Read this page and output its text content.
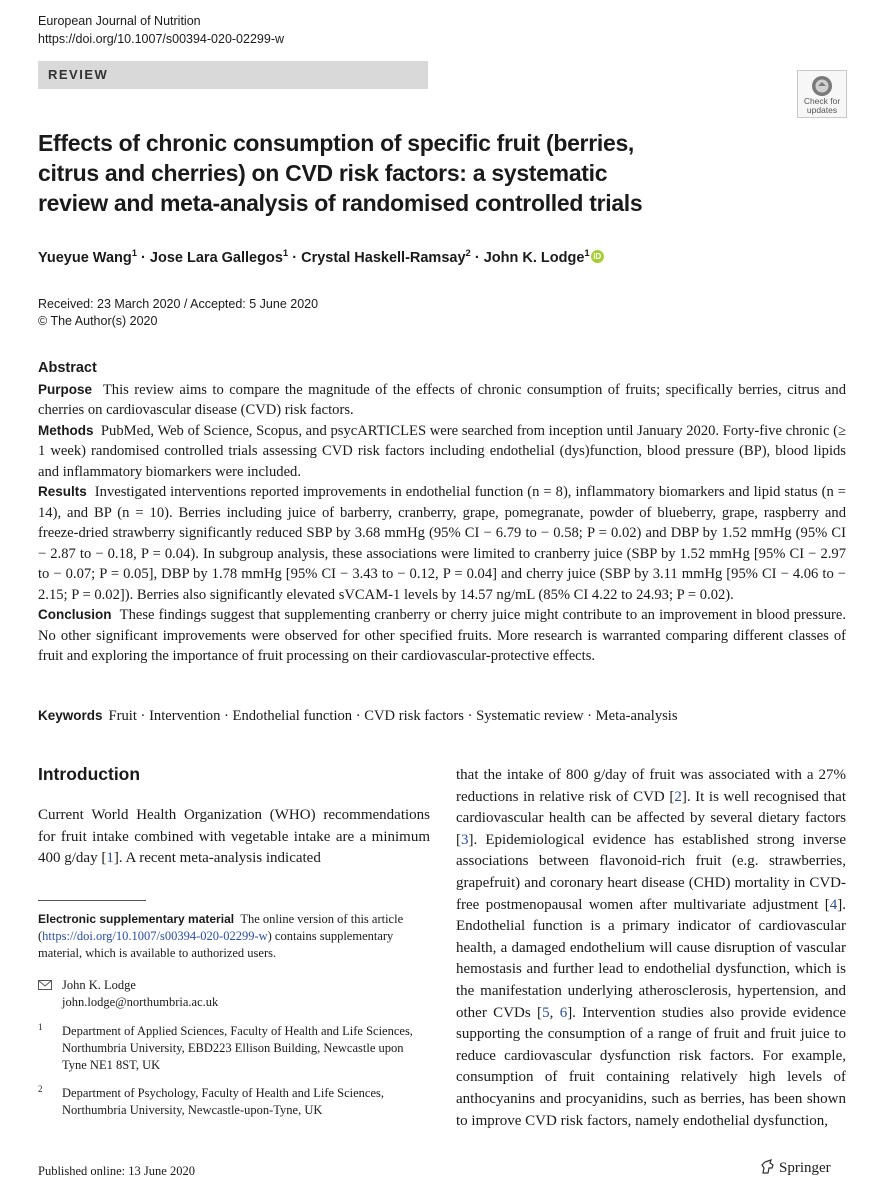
European Journal of Nutrition
https://doi.org/10.1007/s00394-020-02299-w
REVIEW
Check for updates
Effects of chronic consumption of specific fruit (berries, citrus and cherries) on CVD risk factors: a systematic review and meta-analysis of randomised controlled trials
Yueyue Wang$^1$ · Jose Lara Gallegos$^1$ · Crystal Haskell-Ramsay$^2$ · John K. Lodge$^1$ iD
Received: 23 March 2020 / Accepted: 5 June 2020
© The Author(s) 2020
Abstract

Purpose This review aims to compare the magnitude of the effects of chronic consumption of fruits; specifically berries, citrus and cherries on cardiovascular disease (CVD) risk factors.

Methods PubMed, Web of Science, Scopus, and psycARTICLES were searched from inception until January 2020. Forty-five chronic (≥ 1 week) randomised controlled trials assessing CVD risk factors including endothelial (dys)function, blood pressure (BP), blood lipids and inflammatory biomarkers were included.

Results Investigated interventions reported improvements in endothelial function (n = 8), inflammatory biomarkers and lipid status (n = 14), and BP (n = 10). Berries including juice of barberry, cranberry, grape, pomegranate, powder of blueberry, grape, raspberry and freeze-dried strawberry significantly reduced SBP by 3.68 mmHg (95% CI − 6.79 to − 0.58; P = 0.02) and DBP by 1.52 mmHg (95% CI − 2.87 to − 0.18, P = 0.04). In subgroup analysis, these associations were limited to cranberry juice (SBP by 1.52 mmHg [95% CI − 2.97 to − 0.07; P = 0.05], DBP by 1.78 mmHg [95% CI − 3.43 to − 0.12, P = 0.04] and cherry juice (SBP by 3.11 mmHg [95% CI − 4.06 to − 2.15; P = 0.02]). Berries also significantly elevated sVCAM-1 levels by 14.57 ng/mL (85% CI 4.22 to 24.93; P = 0.02).

Conclusion These findings suggest that supplementing cranberry or cherry juice might contribute to an improvement in blood pressure. No other significant improvements were observed for other specified fruits. More research is warranted comparing different classes of fruit and exploring the importance of fruit processing on their cardiovascular-protective effects.

Keywords Fruit · Intervention · Endothelial function · CVD risk factors · Systematic review · Meta-analysis
Introduction

Current World Health Organization (WHO) recommendations for fruit intake combined with vegetable intake are a minimum 400 g/day [1]. A recent meta-analysis indicated

that the intake of 800 g/day of fruit was associated with a 27% reductions in relative risk of CVD [2]. It is well recognised that cardiovascular health can be affected by several dietary factors [3]. Epidemiological evidence has established strong inverse associations between flavonoid-rich fruit (e.g. strawberries, grapefruit) and coronary heart disease (CHD) mortality in CVD-free postmenopausal women after multivariate adjustment [4]. Endothelial function is a primary indicator of cardiovascular health, a damaged endothelium will cause disruption of vascular hemostasis and further lead to endothelial dysfunction, which is the manifestation underlying atherosclerosis, hypertension, and other CVDs [5, 6]. Intervention studies also provide evidence supporting the consumption of a range of fruit and fruit juice to reduce cardiovascular dysfunction risk factors. For example, consumption of fruit containing relatively high levels of anthocyanins and procyanidins, such as berries, has been shown to improve CVD risk factors, namely endothelial dysfunction,

Electronic supplementary material The online version of this article (https://doi.org/10.1007/s00394-020-02299-w) contains supplementary material, which is available to authorized users.

John K. Lodge
john.lodge@northumbria.ac.uk
1 Department of Applied Sciences, Faculty of Health and Life Sciences, Northumbria University, EBD223 Ellison Building, Newcastle upon Tyne NE1 8ST, UK
2 Department of Psychology, Faculty of Health and Life Sciences, Northumbria University, Newcastle-upon-Tyne, UK
Published online: 13 June 2020	Springer
